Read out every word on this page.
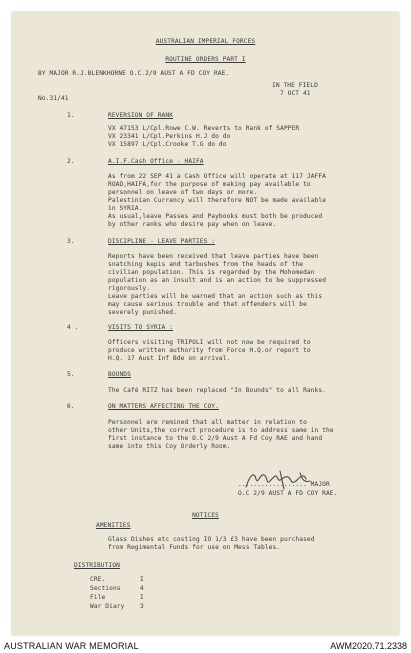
AUSTRALIAN IMPERIAL FORCES
ROUTINE ORDERS PART I
BY MAJOR R.J.BLENKHORNE O.C.2/9 AUST A FD COY RAE.
IN THE FIELD
No.31/41
7 OCT 41
1.	REVERSION OF RANK
VX 47153 L/Cpl.Rowe C.W. Reverts to Rank of SAPPER
VX 23341 L/Cpl.Perkins H.J do do
VX 15897 L/Cpl.Crooke T.G do do
2.	A.I.F.Cash Office - HAIFA
As from 22 SEP 41 a Cash Office will operate at 117 JAFFA
ROAD,HAIFA,for the purpose of making pay available to
personnel on leave of two days or more.
Palestinian Currency will therefore NOT be made available
in SYRIA.
As usual,leave Passes and Paybooks must both be produced
by other ranks who desire pay when on leave.
3.	DISCIPLINE - LEAVE PARTIES :
Reports have been received that leave parties have been
snatching kepis and tarbushes from the heads of the
civilian population. This is regarded by the Mohomedan
population as an insult and is an action to be suppressed
rigorously.
Leave parties will be warned that an action such as this
may cause serious trouble and that offenders will be
severely punished.
4 .	VISITS TO SYRIA :
Officers visiting TRIPOLI will not now be required to
produce written authority from Force H.Q.or report to
H.Q. 17 Aust Inf Bde on arrival.
5.	BOUNDS
The Café RITZ has been replaced "In Bounds" to all Ranks.
6.	ON MATTERS AFFECTING THE COY.
Personnel are remined that all matter in relation to
other Units,the correct procedure is to address same in the
first instance to the O.C 2/9 Aust A Fd Coy RAE and hand
same into this Coy Orderly Room.
.................. MAJOR
O.C 2/9 AUST A FD COY RAE.
NOTICES
AMENITIES
Glass Dishes etc costing IO 1/3 £3 have been purchased
from Regimental Funds for use on Mess Tables.
DISTRIBUTION
CRE.	I
Sections	4
File	I
War Diary	3
AUSTRALIAN WAR MEMORIAL	AWM2020.71.2338
